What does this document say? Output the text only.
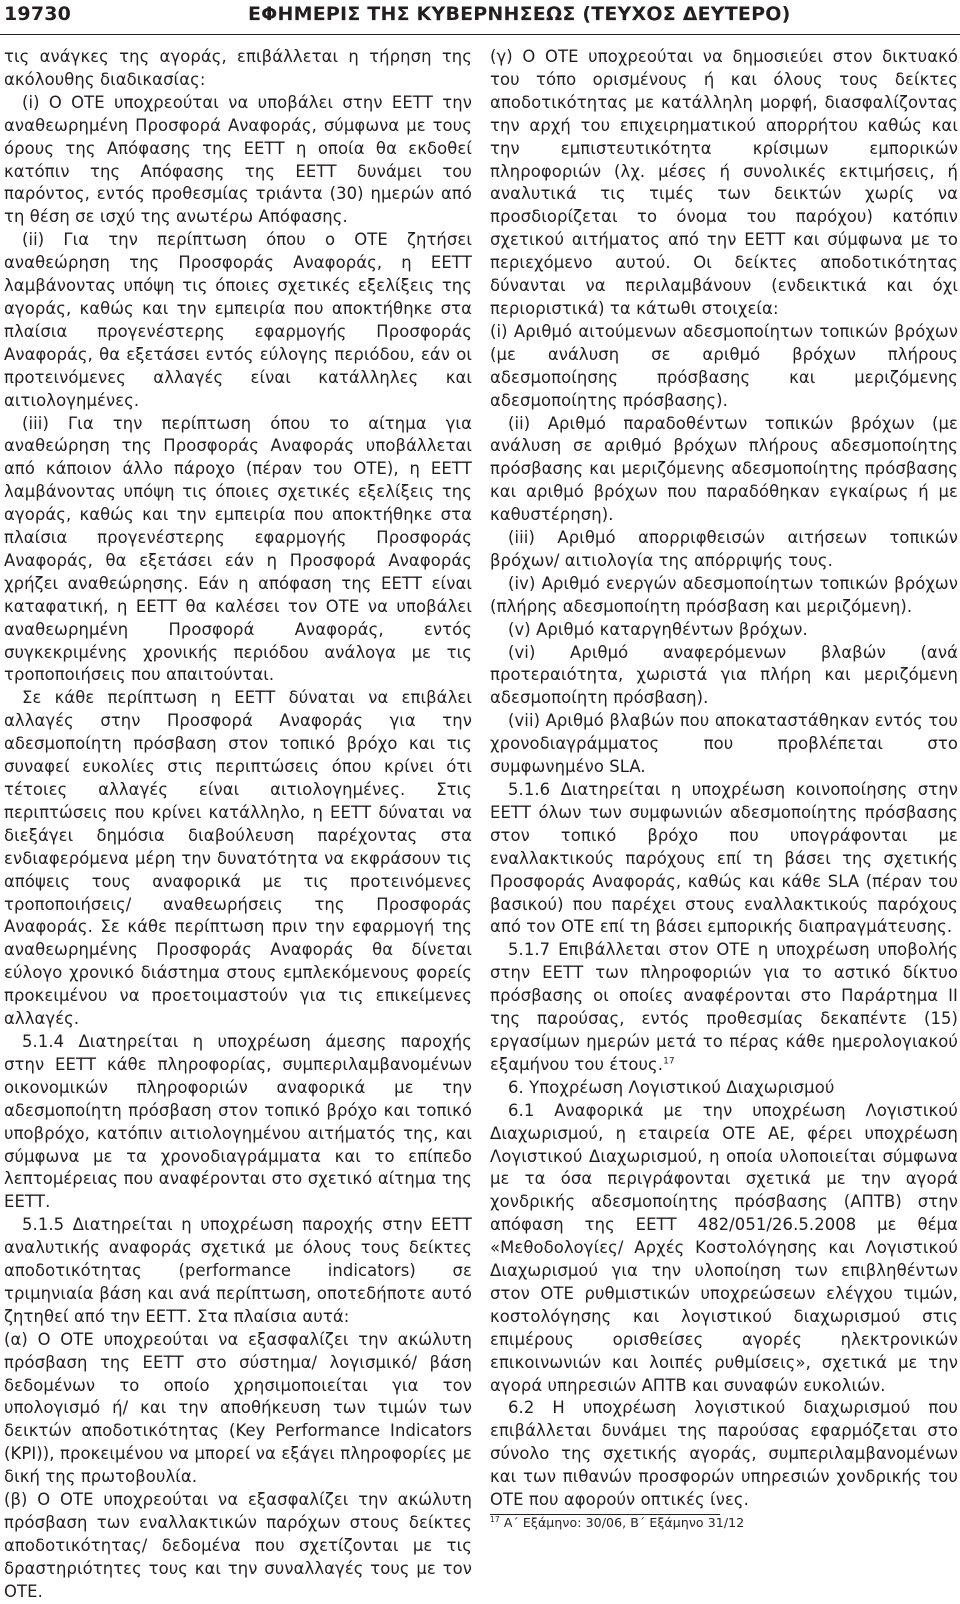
19730	ΕΦΗΜΕΡΙΣ ΤΗΣ ΚΥΒΕΡΝΗΣΕΩΣ (ΤΕΥΧΟΣ ΔΕΥΤΕΡΟ)

τις ανάγκες της αγοράς, επιβάλλεται η τήρηση της ακόλουθης διαδικασίας:

(i) Ο ΟΤΕ υποχρεούται να υποβάλει στην ΕΕΤΤ την αναθεωρημένη Προσφορά Αναφοράς, σύμφωνα με τους όρους της Απόφασης της ΕΕΤΤ η οποία θα εκδοθεί κατόπιν της Απόφασης της ΕΕΤΤ δυνάμει του παρόντος, εντός προθεσμίας τριάντα (30) ημερών από τη θέση σε ισχύ της ανωτέρω Απόφασης.

(ii) Για την περίπτωση όπου ο ΟΤΕ ζητήσει αναθεώρηση της Προσφοράς Αναφοράς, η ΕΕΤΤ λαμβάνοντας υπόψη τις όποιες σχετικές εξελίξεις της αγοράς, καθώς και την εμπειρία που αποκτήθηκε στα πλαίσια προγενέστερης εφαρμογής Προσφοράς Αναφοράς, θα εξετάσει εντός εύλογης περιόδου, εάν οι προτεινόμενες αλλαγές είναι κατάλληλες και αιτιολογημένες.

(iii) Για την περίπτωση όπου το αίτημα για αναθεώρηση της Προσφοράς Αναφοράς υποβάλλεται από κάποιον άλλο πάροχο (πέραν του ΟΤΕ), η ΕΕΤΤ λαμβάνοντας υπόψη τις όποιες σχετικές εξελίξεις της αγοράς, καθώς και την εμπειρία που αποκτήθηκε στα πλαίσια προγενέστερης εφαρμογής Προσφοράς Αναφοράς, θα εξετάσει εάν η Προσφορά Αναφοράς χρήζει αναθεώρησης. Εάν η απόφαση της ΕΕΤΤ είναι καταφατική, η ΕΕΤΤ θα καλέσει τον ΟΤΕ να υποβάλει αναθεωρημένη Προσφορά Αναφοράς, εντός συγκεκριμένης χρονικής περιόδου ανάλογα με τις τροποποιήσεις που απαιτούνται.

Σε κάθε περίπτωση η ΕΕΤΤ δύναται να επιβάλει αλλαγές στην Προσφορά Αναφοράς για την αδεσμοποίητη πρόσβαση στον τοπικό βρόχο και τις συναφεί ευκολίες στις περιπτώσεις όπου κρίνει ότι τέτοιες αλλαγές είναι αιτιολογημένες. Στις περιπτώσεις που κρίνει κατάλληλο, η ΕΕΤΤ δύναται να διεξάγει δημόσια διαβούλευση παρέχοντας στα ενδιαφερόμενα μέρη την δυνατότητα να εκφράσουν τις απόψεις τους αναφορικά με τις προτεινόμενες τροποποιήσεις/ αναθεωρήσεις της Προσφοράς Αναφοράς. Σε κάθε περίπτωση πριν την εφαρμογή της αναθεωρημένης Προσφοράς Αναφοράς θα δίνεται εύλογο χρονικό διάστημα στους εμπλεκόμενους φορείς προκειμένου να προετοιμαστούν για τις επικείμενες αλλαγές.

5.1.4 Διατηρείται η υποχρέωση άμεσης παροχής στην ΕΕΤΤ κάθε πληροφορίας, συμπεριλαμβανομένων οικονομικών πληροφοριών αναφορικά με την αδεσμοποίητη πρόσβαση στον τοπικό βρόχο και τοπικό υποβρόχο, κατόπιν αιτιολογημένου αιτήματός της, και σύμφωνα με τα χρονοδιαγράμματα και το επίπεδο λεπτομέρειας που αναφέρονται στο σχετικό αίτημα της ΕΕΤΤ.

5.1.5 Διατηρείται η υποχρέωση παροχής στην ΕΕΤΤ αναλυτικής αναφοράς σχετικά με όλους τους δείκτες αποδοτικότητας (performance indicators) σε τριμηνιαία βάση και ανά περίπτωση, οποτεδήποτε αυτό ζητηθεί από την ΕΕΤΤ. Στα πλαίσια αυτά:

(α) Ο ΟΤΕ υποχρεούται να εξασφαλίζει την ακώλυτη πρόσβαση της ΕΕΤΤ στο σύστημα/ λογισμικό/ βάση δεδομένων το οποίο χρησιμοποιείται για τον υπολογισμό ή/ και την αποθήκευση των τιμών των δεικτών αποδοτικότητας (Key Performance Indicators (KPI)), προκειμένου να μπορεί να εξάγει πληροφορίες με δική της πρωτοβουλία.

(β) Ο ΟΤΕ υποχρεούται να εξασφαλίζει την ακώλυτη πρόσβαση των εναλλακτικών παρόχων στους δείκτες αποδοτικότητας/ δεδομένα που σχετίζονται με τις δραστηριότητες τους και την συναλλαγές τους με τον ΟΤΕ.

(γ) Ο ΟΤΕ υποχρεούται να δημοσιεύει στον δικτυακό του τόπο ορισμένους ή και όλους τους δείκτες αποδοτικότητας με κατάλληλη μορφή, διασφαλίζοντας την αρχή του επιχειρηματικού απορρήτου καθώς και την εμπιστευτικότητα κρίσιμων εμπορικών πληροφοριών (λχ. μέσες ή συνολικές εκτιμήσεις, ή αναλυτικά τις τιμές των δεικτών χωρίς να προσδιορίζεται το όνομα του παρόχου) κατόπιν σχετικού αιτήματος από την ΕΕΤΤ και σύμφωνα με το περιεχόμενο αυτού. Οι δείκτες αποδοτικότητας δύνανται να περιλαμβάνουν (ενδεικτικά και όχι περιοριστικά) τα κάτωθι στοιχεία:

(i) Αριθμό αιτούμενων αδεσμοποίητων τοπικών βρόχων (με ανάλυση σε αριθμό βρόχων πλήρους αδεσμοποίησης πρόσβασης και μεριζόμενης αδεσμοποίητης πρόσβασης).

(ii) Αριθμό παραδοθέντων τοπικών βρόχων (με ανάλυση σε αριθμό βρόχων πλήρους αδεσμοποίητης πρόσβασης και μεριζόμενης αδεσμοποίητης πρόσβασης και αριθμό βρόχων που παραδόθηκαν εγκαίρως ή με καθυστέρηση).

(iii) Αριθμό απορριφθεισών αιτήσεων τοπικών βρόχων/ αιτιολογία της απόρριψής τους.

(iv) Αριθμό ενεργών αδεσμοποίητων τοπικών βρόχων (πλήρης αδεσμοποίητη πρόσβαση και μεριζόμενη).

(v) Αριθμό καταργηθέντων βρόχων.

(vi) Αριθμό αναφερόμενων βλαβών (ανά προτεραιότητα, χωριστά για πλήρη και μεριζόμενη αδεσμοποίητη πρόσβαση).

(vii) Αριθμό βλαβών που αποκαταστάθηκαν εντός του χρονοδιαγράμματος που προβλέπεται στο συμφωνημένο SLA.

5.1.6 Διατηρείται η υποχρέωση κοινοποίησης στην ΕΕΤΤ όλων των συμφωνιών αδεσμοποίητης πρόσβασης στον τοπικό βρόχο που υπογράφονται με εναλλακτικούς παρόχους επί τη βάσει της σχετικής Προσφοράς Αναφοράς, καθώς και κάθε SLA (πέραν του βασικού) που παρέχει στους εναλλακτικούς παρόχους από τον ΟΤΕ επί τη βάσει εμπορικής διαπραγμάτευσης.

5.1.7 Επιβάλλεται στον ΟΤΕ η υποχρέωση υποβολής στην ΕΕΤΤ των πληροφοριών για το αστικό δίκτυο πρόσβασης οι οποίες αναφέρονται στο Παράρτημα ΙΙ της παρούσας, εντός προθεσμίας δεκαπέντε (15) εργασίμων ημερών μετά το πέρας κάθε ημερολογιακού εξαμήνου του έτους.$^{17}$

6. Υποχρέωση Λογιστικού Διαχωρισμού

6.1 Αναφορικά με την υποχρέωση Λογιστικού Διαχωρισμού, η εταιρεία ΟΤΕ ΑΕ, φέρει υποχρέωση Λογιστικού Διαχωρισμού, η οποία υλοποιείται σύμφωνα με τα όσα περιγράφονται σχετικά με την αγορά χονδρικής αδεσμοποίητης πρόσβασης (ΑΠΤΒ) στην απόφαση της ΕΕΤΤ 482/051/26.5.2008 με θέμα «Μεθοδολογίες/ Αρχές Κοστολόγησης και Λογιστικού Διαχωρισμού για την υλοποίηση των επιβληθέντων στον ΟΤΕ ρυθμιστικών υποχρεώσεων ελέγχου τιμών, κοστολόγησης και λογιστικού διαχωρισμού στις επιμέρους ορισθείσες αγορές ηλεκτρονικών επικοινωνιών και λοιπές ρυθμίσεις», σχετικά με την αγορά υπηρεσιών ΑΠΤΒ και συναφών ευκολιών.

6.2 Η υποχρέωση λογιστικού διαχωρισμού που επιβάλλεται δυνάμει της παρούσας εφαρμόζεται στο σύνολο της σχετικής αγοράς, συμπεριλαμβανομένων και των πιθανών προσφορών υπηρεσιών χονδρικής του ΟΤΕ που αφορούν οπτικές ίνες.

$^{17}$ Α΄ Εξάμηνο: 30/06, Β΄ Εξάμηνο 31/12
